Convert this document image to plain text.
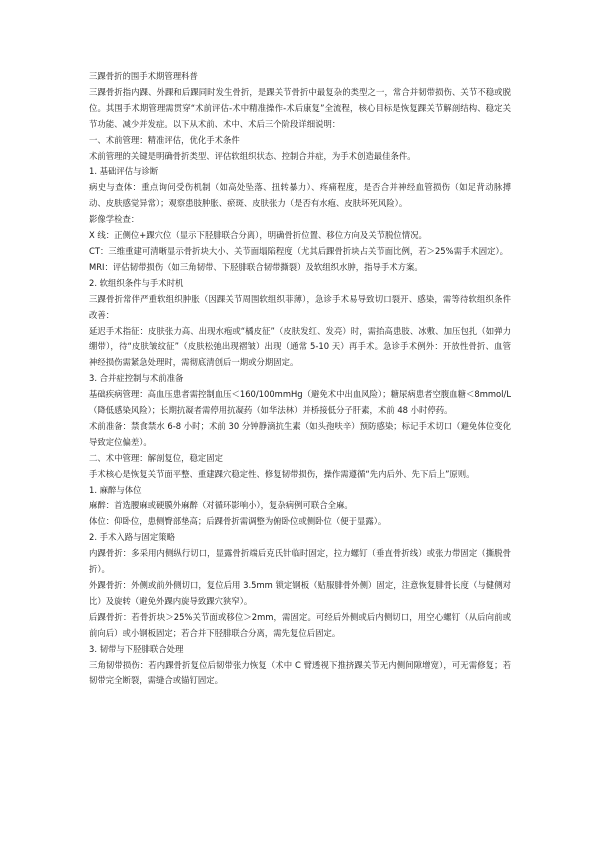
三踝骨折的围手术期管理科普

三踝骨折指内踝、外踝和后踝同时发生骨折，是踝关节骨折中最复杂的类型之一，常合并韧带损伤、关节不稳或脱位。其围手术期管理需贯穿“术前评估-术中精准操作-术后康复”全流程，核心目标是恢复踝关节解剖结构、稳定关节功能、减少并发症。以下从术前、术中、术后三个阶段详细说明：

一、术前管理：精准评估，优化手术条件

术前管理的关键是明确骨折类型、评估软组织状态、控制合并症，为手术创造最佳条件。

1. 基础评估与诊断

病史与查体：重点询问受伤机制（如高处坠落、扭转暴力）、疼痛程度，是否合并神经血管损伤（如足背动脉搏动、皮肤感觉异常）；观察患肢肿胀、瘀斑、皮肤张力（是否有水疱、皮肤坏死风险）。

影像学检查：

X 线：正侧位+踝穴位（显示下胫腓联合分离），明确骨折位置、移位方向及关节脱位情况。

CT：三维重建可清晰显示骨折块大小、关节面塌陷程度（尤其后踝骨折块占关节面比例，若＞25%需手术固定）。

MRI：评估韧带损伤（如三角韧带、下胫腓联合韧带撕裂）及软组织水肿，指导手术方案。

2. 软组织条件与手术时机

三踝骨折常伴严重软组织肿胀（因踝关节周围软组织菲薄），急诊手术易导致切口裂开、感染，需等待软组织条件改善：

延迟手术指征：皮肤张力高、出现水疱或“橘皮征”（皮肤发红、发亮）时，需抬高患肢、冰敷、加压包扎（如弹力绷带），待“皮肤皱纹征”（皮肤松弛出现褶皱）出现（通常 5-10 天）再手术。急诊手术例外：开放性骨折、血管神经损伤需紧急处理时，需彻底清创后一期或分期固定。

3. 合并症控制与术前准备

基础疾病管理：高血压患者需控制血压＜160/100mmHg（避免术中出血风险）；糖尿病患者空腹血糖＜8mmol/L（降低感染风险）；长期抗凝者需停用抗凝药（如华法林）并桥接低分子肝素，术前 48 小时停药。

术前准备：禁食禁水 6-8 小时；术前 30 分钟静滴抗生素（如头孢呋辛）预防感染；标记手术切口（避免体位变化导致定位偏差）。

二、术中管理：解剖复位，稳定固定

手术核心是恢复关节面平整、重建踝穴稳定性、修复韧带损伤，操作需遵循“先内后外、先下后上”原则。

1. 麻醉与体位

麻醉：首选腰麻或硬膜外麻醉（对循环影响小），复杂病例可联合全麻。

体位：仰卧位，患侧臀部垫高；后踝骨折需调整为俯卧位或侧卧位（便于显露）。

2. 手术入路与固定策略

内踝骨折：多采用内侧纵行切口，显露骨折端后克氏针临时固定，拉力螺钉（垂直骨折线）或张力带固定（撕脱骨折）。

外踝骨折：外侧或前外侧切口，复位后用 3.5mm 锁定钢板（贴服腓骨外侧）固定，注意恢复腓骨长度（与健侧对比）及旋转（避免外踝内旋导致踝穴狭窄）。

后踝骨折：若骨折块＞25%关节面或移位＞2mm，需固定。可经后外侧或后内侧切口，用空心螺钉（从后向前或前向后）或小钢板固定；若合并下胫腓联合分离，需先复位后固定。

3. 韧带与下胫腓联合处理

三角韧带损伤：若内踝骨折复位后韧带张力恢复（术中 C 臂透视下推挤踝关节无内侧间隙增宽），可无需修复；若韧带完全断裂，需缝合或锚钉固定。
